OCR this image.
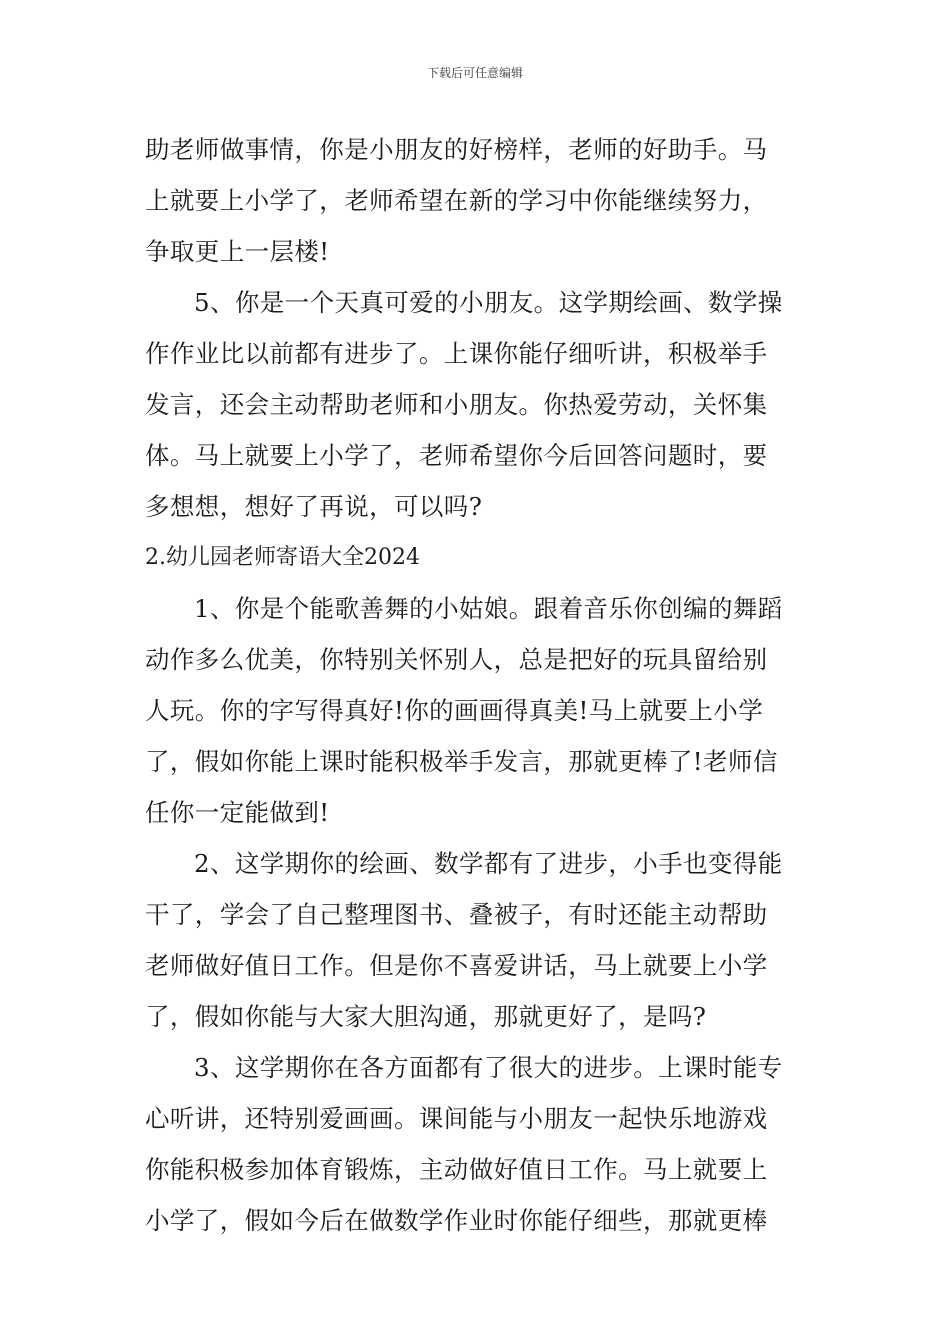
下载后可任意编辑
助老师做事情，你是小朋友的好榜样，老师的好助手。马
上就要上小学了，老师希望在新的学习中你能继续努力，
争取更上一层楼!
5、你是一个天真可爱的小朋友。这学期绘画、数学操
作作业比以前都有进步了。上课你能仔细听讲，积极举手
发言，还会主动帮助老师和小朋友。你热爱劳动，关怀集
体。马上就要上小学了，老师希望你今后回答问题时，要
多想想，想好了再说，可以吗?
2.幼儿园老师寄语大全2024
1、你是个能歌善舞的小姑娘。跟着音乐你创编的舞蹈
动作多么优美，你特别关怀别人，总是把好的玩具留给别
人玩。你的字写得真好!你的画画得真美!马上就要上小学
了，假如你能上课时能积极举手发言，那就更棒了!老师信
任你一定能做到!
2、这学期你的绘画、数学都有了进步，小手也变得能
干了，学会了自己整理图书、叠被子，有时还能主动帮助
老师做好值日工作。但是你不喜爱讲话，马上就要上小学
了，假如你能与大家大胆沟通，那就更好了，是吗?
3、这学期你在各方面都有了很大的进步。上课时能专
心听讲，还特别爱画画。课间能与小朋友一起快乐地游戏
你能积极参加体育锻炼，主动做好值日工作。马上就要上
小学了，假如今后在做数学作业时你能仔细些，那就更棒
